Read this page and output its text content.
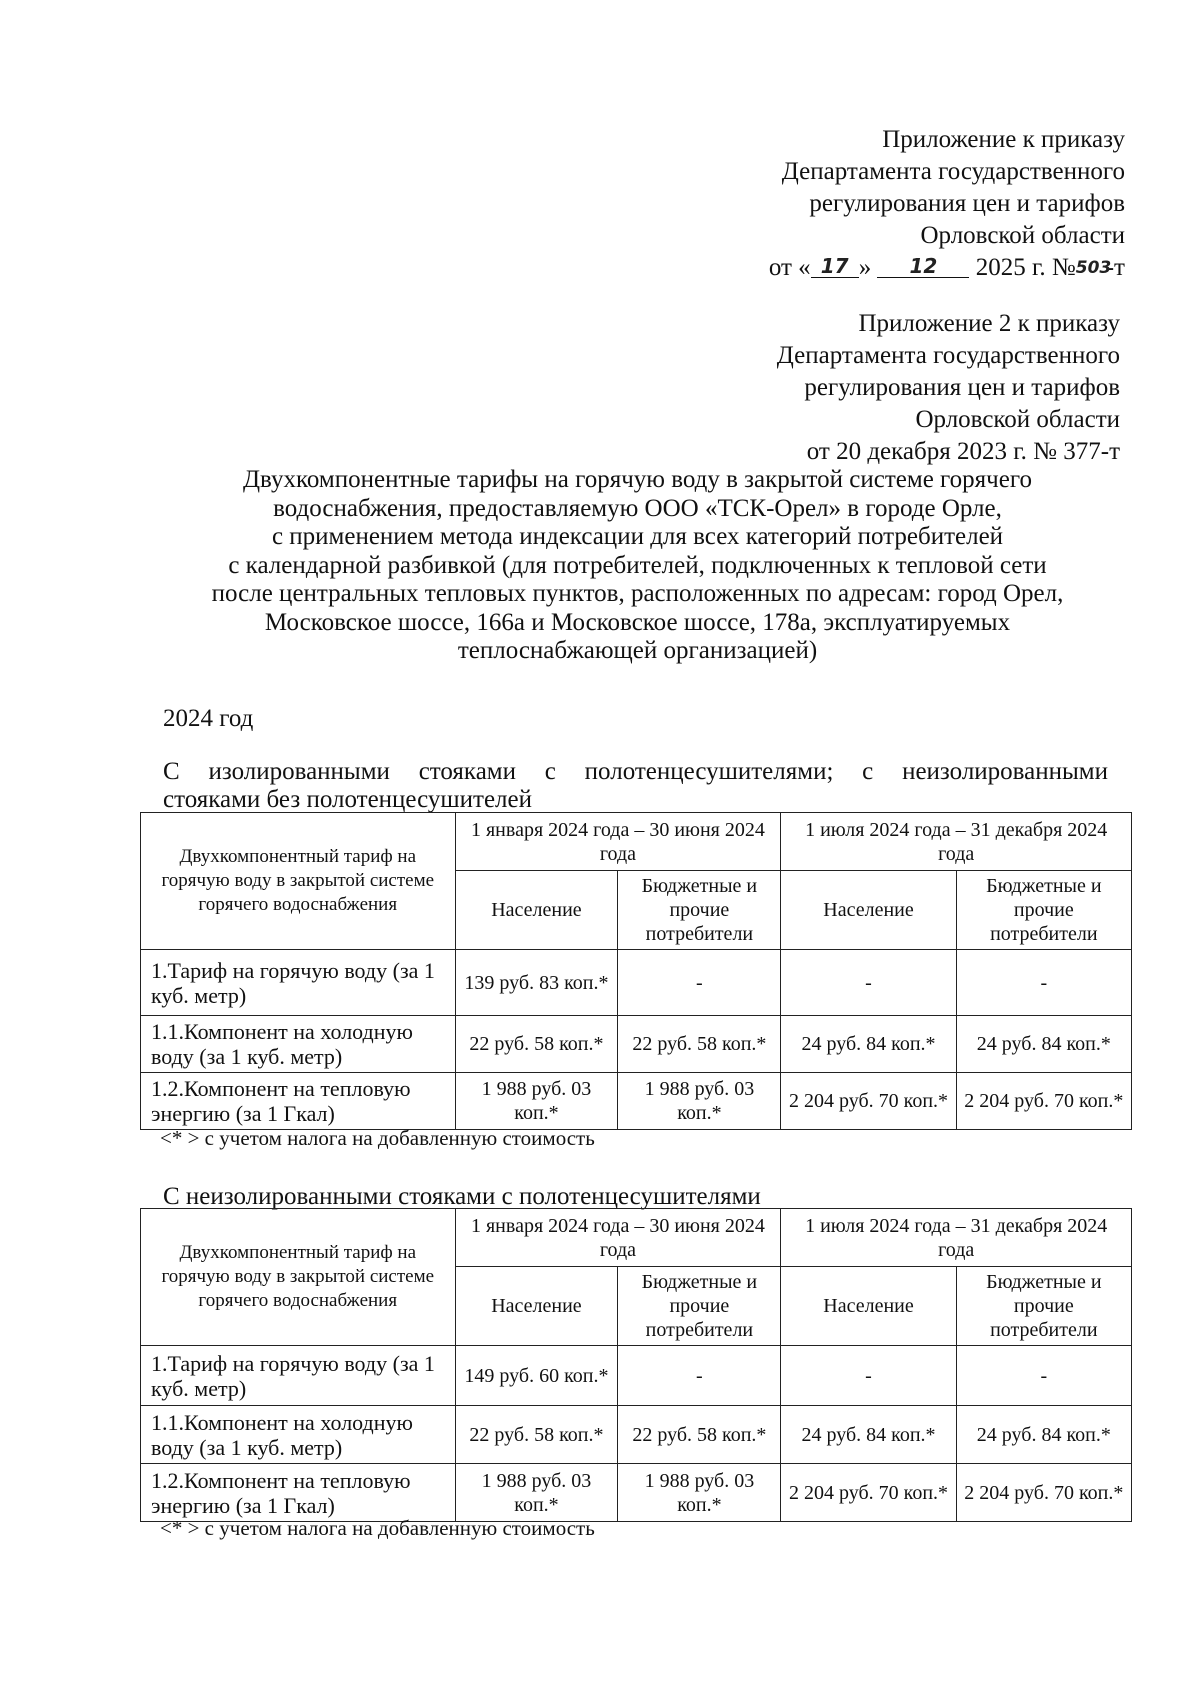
Приложение к приказу
Департамента государственного
регулирования цен и тарифов
Орловской области
от « 17 » 12 2025 г. №503-т
Приложение 2 к приказу
Департамента государственного
регулирования цен и тарифов
Орловской области
от 20 декабря 2023 г. № 377-т
Двухкомпонентные тарифы на горячую воду в закрытой системе горячего
водоснабжения, предоставляемую ООО «ТСК-Орел» в городе Орле,
с применением метода индексации для всех категорий потребителей
с календарной разбивкой (для потребителей, подключенных к тепловой сети
после центральных тепловых пунктов, расположенных по адресам: город Орел,
Московское шоссе, 166а и Московское шоссе, 178а, эксплуатируемых
теплоснабжающей организацией)
2024 год
С изолированными стояками с полотенцесушителями; с неизолированными
стояками без полотенцесушителей
Двухкомпонентный тариф на горячую воду в закрытой системе горячего водоснабжения	1 января 2024 года – 30 июня 2024 года		1 июля 2024 года – 31 декабря 2024 года	
	Население	Бюджетные и прочие потребители	Население	Бюджетные и прочие потребители
1.Тариф на горячую воду (за 1 куб. метр)	139 руб. 83 коп.*	-	-	-
1.1.Компонент на холодную воду (за 1 куб. метр)	22 руб. 58 коп.*	22 руб. 58 коп.*	24 руб. 84 коп.*	24 руб. 84 коп.*
1.2.Компонент на тепловую энергию (за 1 Гкал)	1 988 руб. 03 коп.*	1 988 руб. 03 коп.*	2 204 руб. 70 коп.*	2 204 руб. 70 коп.*
<* > с учетом налога на добавленную стоимость
С неизолированными стояками с полотенцесушителями
Двухкомпонентный тариф на горячую воду в закрытой системе горячего водоснабжения	1 января 2024 года – 30 июня 2024 года		1 июля 2024 года – 31 декабря 2024 года	
	Население	Бюджетные и прочие потребители	Население	Бюджетные и прочие потребители
1.Тариф на горячую воду (за 1 куб. метр)	149 руб. 60 коп.*	-	-	-
1.1.Компонент на холодную воду (за 1 куб. метр)	22 руб. 58 коп.*	22 руб. 58 коп.*	24 руб. 84 коп.*	24 руб. 84 коп.*
1.2.Компонент на тепловую энергию (за 1 Гкал)	1 988 руб. 03 коп.*	1 988 руб. 03 коп.*	2 204 руб. 70 коп.*	2 204 руб. 70 коп.*
<* > с учетом налога на добавленную стоимость
